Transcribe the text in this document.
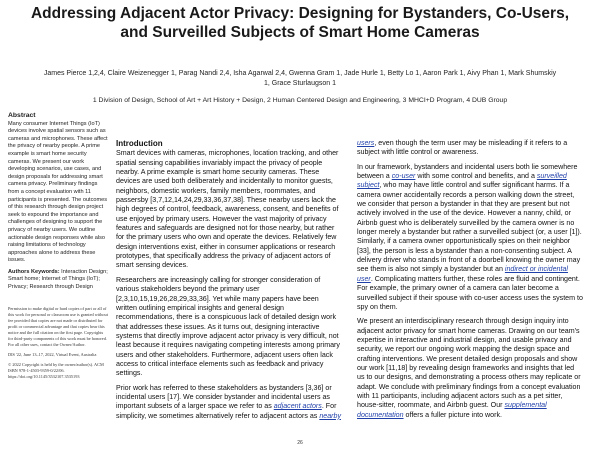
Addressing Adjacent Actor Privacy: Designing for Bystanders, Co-Users, and Surveilled Subjects of Smart Home Cameras
James Pierce 1,2,4, Claire Weizenegger 1, Parag Nandi 2,4, Isha Agarwal 2,4, Gwenna Gram 1, Jade Hurle 1, Betty Lo 1, Aaron Park 1, Aivy Phan 1, Mark Shumskiy 1, Grace Sturlaugson 1
1 Division of Design, School of Art + Art History + Design, 2 Human Centered Design and Engineering, 3 MHCI+D Program, 4 DUB Group
Abstract

Many consumer Internet Things (IoT) devices involve spatial sensors such as cameras and microphones. These affect the privacy of nearby people. A prime example is smart home security cameras. We present our work developing scenarios, use cases, and design proposals for addressing smart camera privacy. Preliminary findings from a concept evaluation with 11 participants is presented. The outcomes of this research through design project seek to expound the importance and challenges of designing to support the privacy of nearby users. We outline actionable design responses while also raising limitations of technology approaches alone to address these issues.

Authors Keywords: Interaction Design; Smart home; Internet of Things (IoT); Privacy; Research through Design

Permission to make digital or hard copies of part or all of this work for personal or classroom use is granted without fee provided that copies are not made or distributed for profit or commercial advantage and that copies bear this notice and the full citation on the first page. Copyrights for third-party components of this work must be honored. For all other uses, contact the Owner/Author.

DIS '22, June 13–17, 2022, Virtual Event, Australia

© 2022 Copyright is held by the owner/author(s). ACM ISBN 978-1-4503-9359-0/22/06. https://doi.org/10.1145/3532107.3535193

Introduction

Smart devices with cameras, microphones, location tracking, and other spatial sensing capabilities invariably impact the privacy of people nearby. A prime example is smart home security cameras. These devices are used both deliberately and incidentally to monitor guests, neighbors, domestic workers, family members, roommates, and passersby [3,7,12,14,24,29,33,36,37,38]. These nearby users lack the high degrees of control, feedback, awareness, consent, and benefits of use enjoyed by primary users. However the vast majority of privacy features and safeguards are designed not for those nearby, but rather for the primary users who own and operate the devices. Relatively few design interventions exist, either in consumer applications or research prototypes, that specifically address the privacy of adjacent actors of smart sensing devices.

Researchers are increasingly calling for stronger consideration of various stakeholders beyond the primary user [2,3,10,15,19,26,28,29,33,36]. Yet while many papers have been written outlining empirical insights and general design recommendations, there is a conspicuous lack of detailed design work that addresses these issues. As it turns out, designing interactive systems that directly improve adjacent actor privacy is very difficult, not least because it requires navigating competing interests among primary users and other stakeholders. Furthermore, adjacent users often lack access to critical interface elements such as feedback and privacy settings.

Prior work has referred to these stakeholders as bystanders [3,36] or incidental users [17]. We consider bystander and incidental users as important subsets of a larger space we refer to as adjacent actors. For simplicity, we sometimes alternatively refer to adjacent actors as nearby

users, even though the term user may be misleading if it refers to a subject with little control or awareness.

In our framework, bystanders and incidental users both lie somewhere between a co-user with some control and benefits, and a surveilled subject, who may have little control and suffer significant harms. If a camera owner accidentally records a person walking down the street, we consider that person a bystander in that they are present but not actively involved in the use of the device. However a nanny, child, or Airbnb guest who is deliberately surveilled by the camera owner is no longer merely a bystander but rather a surveilled subject (or, a user [1]). Similarly, if a camera owner opportunistically spies on their neighbor [33], the person is less a bystander than a non-consenting subject. A delivery driver who stands in front of a doorbell knowing the owner may see them is also not simply a bystander but an indirect or incidental user. Complicating matters further, these roles are fluid and contingent. For example, the primary owner of a camera can later become a surveilled subject if their spouse with co-user access uses the system to spy on them.

We present an interdisciplinary research through design inquiry into adjacent actor privacy for smart home cameras. Drawing on our team's expertise in interactive and industrial design, and usable privacy and security, we report our ongoing work mapping the design space and crafting interventions. We present detailed design proposals and show our work [11,18] by revealing design frameworks and insights that led us to our designs, and demonstrating a process others may replicate or adapt. We conclude with preliminary findings from a concept evaluation with 11 participants, including adjacent actors such as a pet sitter, house-sitter, roommate, and Airbnb guest. Our supplemental documentation offers a fuller picture into work.

26
